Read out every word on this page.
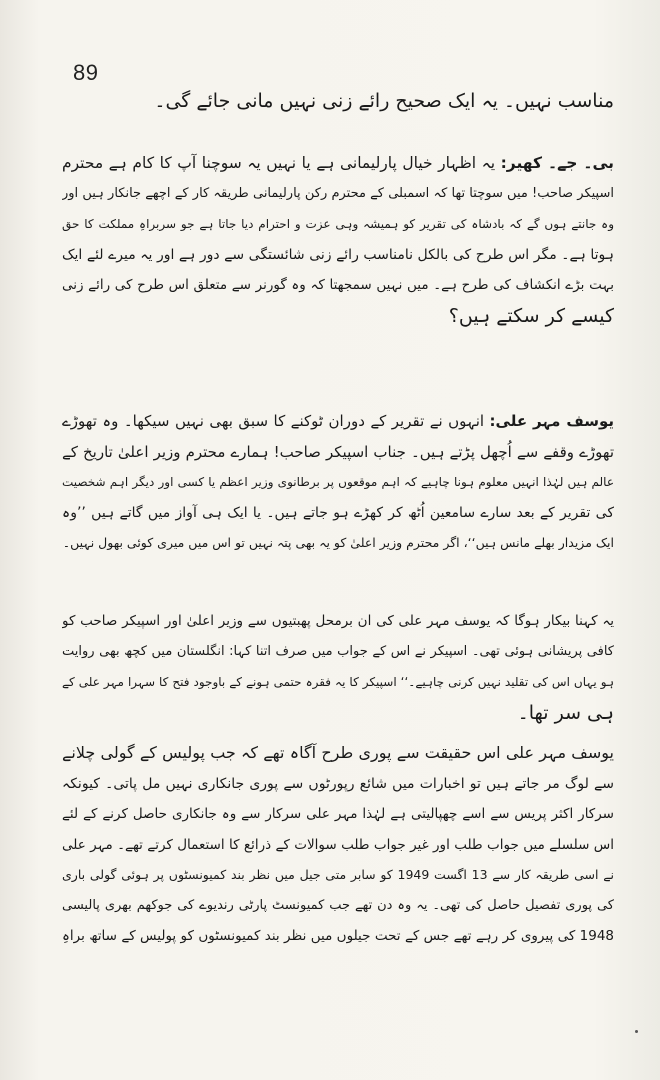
89
مناسب نہیں۔ یہ ایک صحیح رائے زنی نہیں مانی جائے گی۔
بی۔ جے۔ کھیر: یہ اظہار خیال پارلیمانی ہے یا نہیں یہ سوچنا آپ کا کام ہے محترم
اسپیکر صاحب! میں سوچتا تھا کہ اسمبلی کے محترم رکن پارلیمانی طریقہ کار کے اچھے جانکار ہیں اور
وہ جانتے ہوں گے کہ بادشاہ کی تقریر کو ہمیشہ وہی عزت و احترام دیا جاتا ہے جو سربراہِ مملکت کا حق
ہوتا ہے۔ مگر اس طرح کی بالکل نامناسب رائے زنی شائستگی سے دور ہے اور یہ میرے لئے ایک
بہت بڑے انکشاف کی طرح ہے۔ میں نہیں سمجھتا کہ وہ گورنر سے متعلق اس طرح کی رائے زنی
کیسے کر سکتے ہیں؟
یوسف مہر علی: انہوں نے تقریر کے دوران ٹوکنے کا سبق بھی نہیں سیکھا۔ وہ تھوڑے
تھوڑے وقفے سے اُچھل پڑتے ہیں۔ جناب اسپیکر صاحب! ہمارے محترم وزیر اعلیٰ تاریخ کے
عالم ہیں لہٰذا انہیں معلوم ہونا چاہیے کہ اہم موقعوں پر برطانوی وزیر اعظم یا کسی اور دیگر اہم شخصیت
کی تقریر کے بعد سارے سامعین اُٹھ کر کھڑے ہو جاتے ہیں۔ یا ایک ہی آواز میں گاتے ہیں ’’وہ
ایک مزیدار بھلے مانس ہیں‘‘، اگر محترم وزیر اعلیٰ کو یہ بھی پتہ نہیں تو اس میں میری کوئی بھول نہیں۔
یہ کہنا بیکار ہوگا کہ یوسف مہر علی کی ان برمحل پھبتیوں سے وزیر اعلیٰ اور اسپیکر صاحب کو
کافی پریشانی ہوئی تھی۔ اسپیکر نے اس کے جواب میں صرف اتنا کہا: انگلستان میں کچھ بھی روایت
ہو یہاں اس کی تقلید نہیں کرنی چاہیے۔‘‘ اسپیکر کا یہ فقرہ حتمی ہونے کے باوجود فتح کا سہرا مہر علی کے
ہی سر تھا۔
یوسف مہر علی اس حقیقت سے پوری طرح آگاہ تھے کہ جب پولیس کے گولی چلانے
سے لوگ مر جاتے ہیں تو اخبارات میں شائع رپورٹوں سے پوری جانکاری نہیں مل پاتی۔ کیونکہ
سرکار اکثر پریس سے اسے چھپالیتی ہے لہٰذا مہر علی سرکار سے وہ جانکاری حاصل کرنے کے لئے
اس سلسلے میں جواب طلب اور غیر جواب طلب سوالات کے ذرائع کا استعمال کرتے تھے۔ مہر علی
نے اسی طریقہ کار سے 13 اگست 1949 کو سابر متی جیل میں نظر بند کمیونسٹوں پر ہوئی گولی باری
کی پوری تفصیل حاصل کی تھی۔ یہ وہ دن تھے جب کمیونسٹ پارٹی رندیوے کی جوکھم بھری پالیسی
1948 کی پیروی کر رہے تھے جس کے تحت جیلوں میں نظر بند کمیونسٹوں کو پولیس کے ساتھ براہِ
